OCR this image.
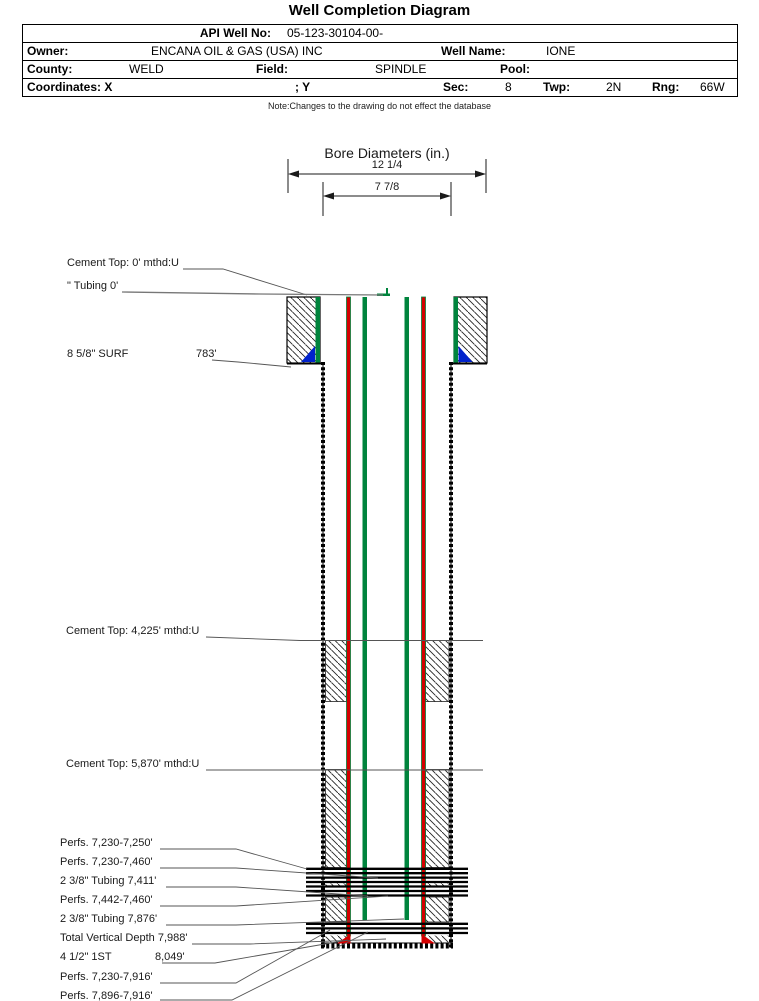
Well Completion Diagram
API Well No: 05-123-30104-00-
Owner:	ENCANA OIL & GAS (USA) INC	Well Name:	IONE
County:	WELD	Field:	SPINDLE	Pool:
Coordinates: X	; Y	Sec:	8	Twp:	2N	Rng: 66W
Note:Changes to the drawing do not effect the database
Bore Diameters (in.)
12 1/4
7 7/8
Cement Top: 0' mthd:U
" Tubing 0'
8 5/8" SURF	783'
Cement Top: 4,225' mthd:U
Cement Top: 5,870' mthd:U
Perfs. 7,230-7,250'
Perfs. 7,230-7,460'
2 3/8" Tubing 7,411'
Perfs. 7,442-7,460'
2 3/8" Tubing 7,876'
Total Vertical Depth 7,988'
4 1/2" 1ST	8,049'
Perfs. 7,230-7,916'
Perfs. 7,896-7,916'
